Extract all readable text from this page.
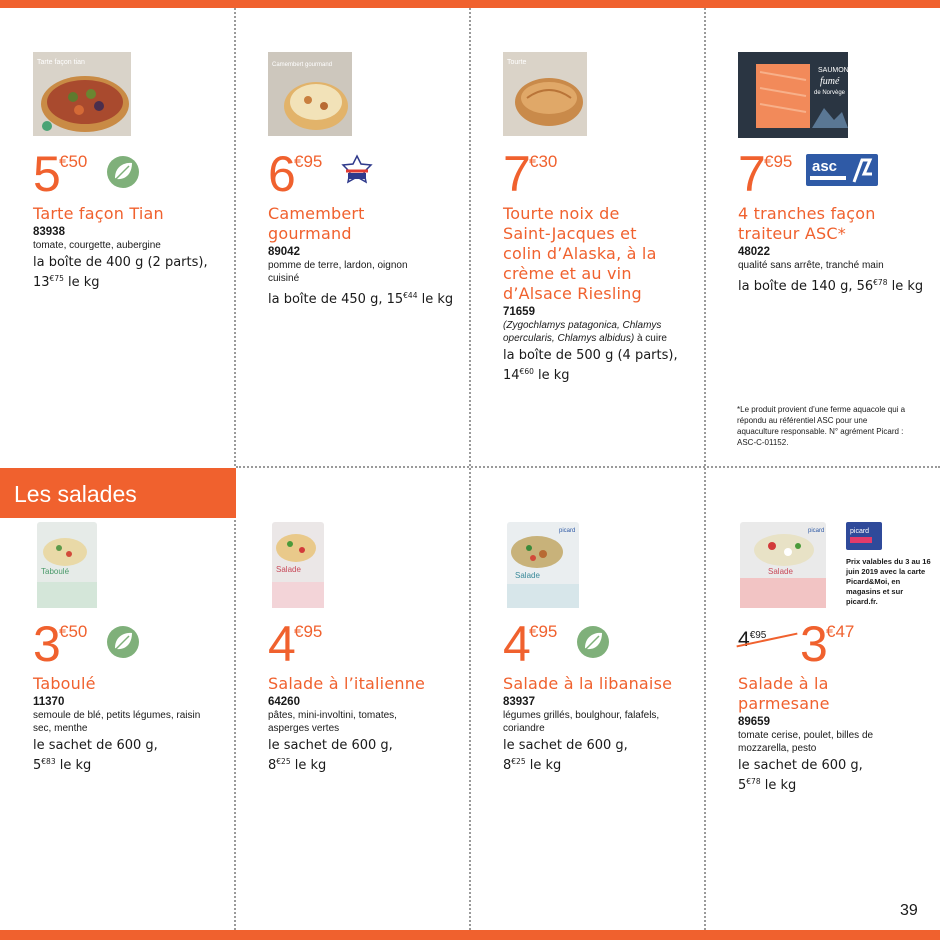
Les salades
Tarte façon tian
5
€50
Tarte façon Tian
83938
tomate, courgette, aubergine
la boîte de 400 g (2 parts),
$13^{€75}$ le kg
Camembert gourmand
6
€95
Camembert gourmand
89042
pomme de terre, lardon, oignon cuisiné
la boîte de 450 g, $15^{€44}$ le kg
Tourte
7
€30
Tourte noix de Saint-Jacques et colin d’Alaska, à la crème et au vin d’Alsace Riesling
71659
(Zygochlamys patagonica, Chlamys opercularis, Chlamys albidus) à cuire
la boîte de 500 g (4 parts),
$14^{€60}$ le kg
SAUMON
fumé
de Norvège
7
€95 asc
4 tranches façon traiteur ASC*
48022
qualité sans arrête, tranché main
la boîte de 140 g, $56^{€78}$ le kg
*Le produit provient d’une ferme aquacole qui a répondu au référentiel ASC pour une aquaculture responsable. N° agrément Picard : ASC-C-01152.
Taboulé
3
€50
Taboulé
11370
semoule de blé, petits légumes, raisin sec, menthe
le sachet de 600 g,
$5^{€83}$ le kg
Salade
4
€95
Salade à l’italienne
64260
pâtes, mini-involtini, tomates, asperges vertes
le sachet de 600 g,
$8^{€25}$ le kg
picard
Salade
4
€95
Salade à la libanaise
83937
légumes grillés, boulghour, falafels, coriandre
le sachet de 600 g,
$8^{€25}$ le kg
picard
Salade
$4^{€95}$ 3
€47
Salade à la parmesane
89659
tomate cerise, poulet, billes de mozzarella, pesto
le sachet de 600 g,
$5^{€78}$ le kg
picard
Prix valables du 3 au 16 juin 2019 avec la carte Picard&Moi, en magasins et sur picard.fr.
39
